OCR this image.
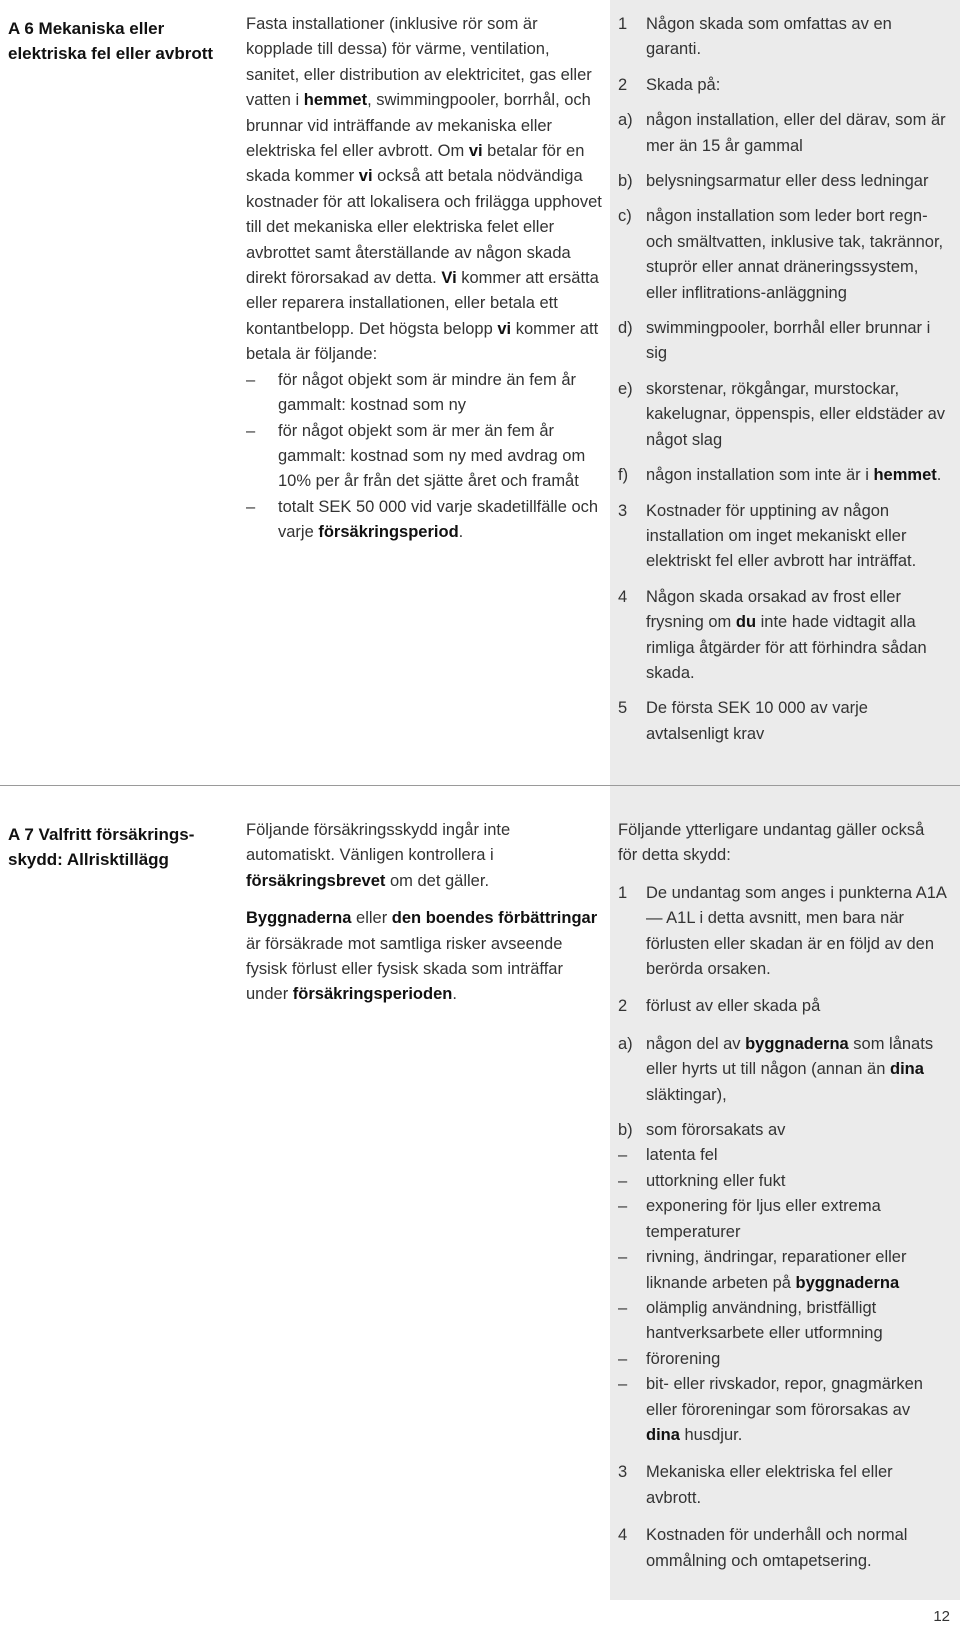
A 6 Mekaniska eller elektriska fel eller avbrott

Fasta installationer (inklusive rör som är kopplade till dessa) för värme, ventilation, sanitet, eller distribution av elektricitet, gas eller vatten i hemmet, swimmingpooler, borrhål, och brunnar vid inträffande av mekaniska eller elektriska fel eller avbrott. Om vi betalar för en skada kommer vi också att betala nödvändiga kostnader för att lokalisera och frilägga upphovet till det mekaniska eller elektriska felet eller avbrottet samt återställande av någon skada direkt förorsakad av detta. Vi kommer att ersätta eller reparera installationen, eller betala ett kontantbelopp. Det högsta belopp vi kommer att betala är följande:

– för något objekt som är mindre än fem år gammalt: kostnad som ny
– för något objekt som är mer än fem år gammalt: kostnad som ny med avdrag om 10% per år från det sjätte året och framåt
– totalt SEK 50 000 vid varje skadetillfälle och varje försäkringsperiod.
1 Någon skada som omfattas av en garanti.
2 Skada på:
a) någon installation, eller del därav, som är mer än 15 år gammal
b) belysningsarmatur eller dess ledningar
c) någon installation som leder bort regn- och smältvatten, inklusive tak, takrännor, stuprör eller annat dräneringssystem, eller inflitrations-anläggning
d) swimmingpooler, borrhål eller brunnar i sig
e) skorstenar, rökgångar, murstockar, kakelugnar, öppenspis, eller eldstäder av något slag
f) någon installation som inte är i hemmet.
3 Kostnader för upptining av någon installation om inget mekaniskt eller elektriskt fel eller avbrott har inträffat.
4 Någon skada orsakad av frost eller frysning om du inte hade vidtagit alla rimliga åtgärder för att förhindra sådan skada.
5 De första SEK 10 000 av varje avtalsenligt krav
A 7 Valfritt försäkrings-skydd: Allrisktillägg

Följande försäkringsskydd ingår inte automatiskt. Vänligen kontrollera i försäkringsbrevet om det gäller.

Byggnaderna eller den boendes förbättringar är försäkrade mot samtliga risker avseende fysisk förlust eller fysisk skada som inträffar under försäkringsperioden.

Följande ytterligare undantag gäller också för detta skydd:

1 De undantag som anges i punkterna A1A — A1L i detta avsnitt, men bara när förlusten eller skadan är en följd av den berörda orsaken.
2 förlust av eller skada på
a) någon del av byggnaderna som lånats eller hyrts ut till någon (annan än dina släktingar),
b) som förorsakats av
– latenta fel
– uttorkning eller fukt
– exponering för ljus eller extrema temperaturer
– rivning, ändringar, reparationer eller liknande arbeten på byggnaderna
– olämplig användning, bristfälligt hantverksarbete eller utformning
– förorening
– bit- eller rivskador, repor, gnagmärken eller föroreningar som förorsakas av dina husdjur.
3 Mekaniska eller elektriska fel eller avbrott.
4 Kostnaden för underhåll och normal ommålning och omtapetsering.
12
